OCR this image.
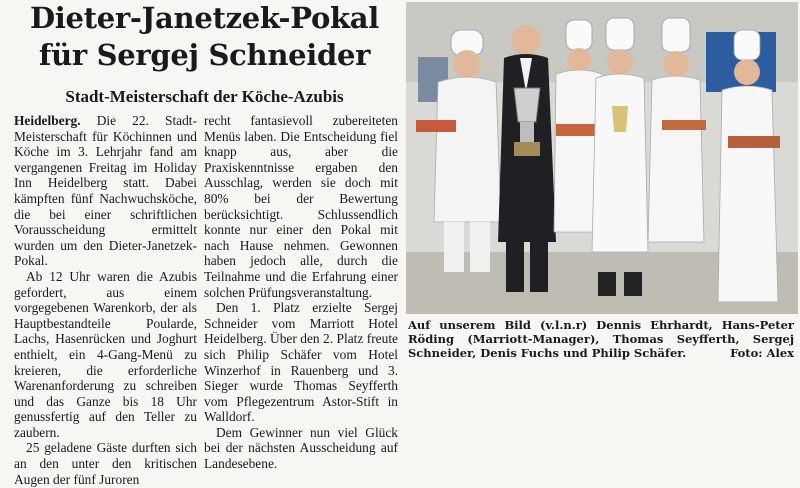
Dieter-Janetzek-Pokal
für Sergej Schneider
Stadt-Meisterschaft der Köche-Azubis

Heidelberg. Die 22. Stadt-Meisterschaft für Köchinnen und Köche im 3. Lehrjahr fand am vergangenen Freitag im Holiday Inn Heidelberg statt. Dabei kämpften fünf Nachwuchsköche, die bei einer schriftlichen Vorausscheidung ermittelt wurden um den Dieter-Janetzek-Pokal.

Ab 12 Uhr waren die Azubis gefordert, aus einem vorgegebenen Warenkorb, der als Hauptbestandteile Poularde, Lachs, Hasenrücken und Joghurt enthielt, ein 4-Gang-Menü zu kreieren, die erforderliche Warenanforderung zu schreiben und das Ganze bis 18 Uhr genussfertig auf den Teller zu zaubern.

25 geladene Gäste durften sich an den unter den kritischen Augen der fünf Juroren

recht fantasievoll zubereiteten Menüs laben. Die Entscheidung fiel knapp aus, aber die Praxiskenntnisse ergaben den Ausschlag, werden sie doch mit 80% bei der Bewertung berücksichtigt. Schlussendlich konnte nur einer den Pokal mit nach Hause nehmen. Gewonnen haben jedoch alle, durch die Teilnahme und die Erfahrung einer solchen Prüfungsveranstaltung.

Den 1. Platz erzielte Sergej Schneider vom Marriott Hotel Heidelberg. Über den 2. Platz freute sich Philip Schäfer vom Hotel Winzerhof in Rauenberg und 3. Sieger wurde Thomas Seyfferth vom Pflegezentrum Astor-Stift in Walldorf.

Dem Gewinner nun viel Glück bei der nächsten Ausscheidung auf Landesebene.

Auf unserem Bild (v.l.n.r) Dennis Ehrhardt, Hans-Peter Röding (Marriott-Manager), Thomas Seyfferth, Sergej Schneider, Denis Fuchs und Philip Schäfer.	Foto: Alex
